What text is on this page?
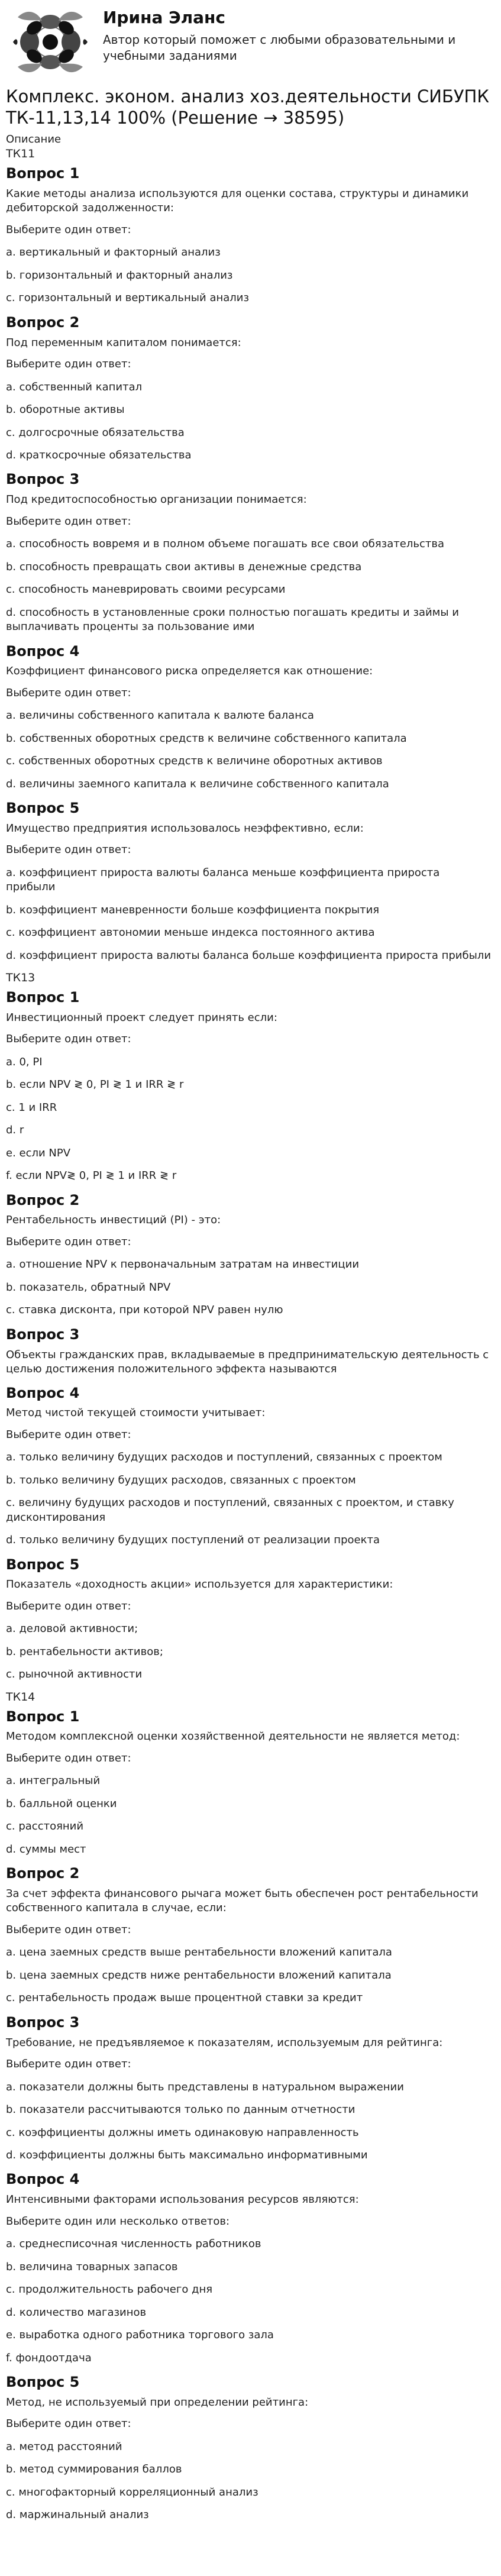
Ирина Эланс
Автор который поможет с любыми образовательными и учебными заданиями
Комплекс. эконом. анализ хоз.деятельности СИБУПК ТК-11,13,14 100% (Решение → 38595)
Описание
ТК11
Вопрос 1
Какие методы анализа используются для оценки состава, структуры и динамики дебиторской задолженности:
Выберите один ответ:
a. вертикальный и факторный анализ
b. горизонтальный и факторный анализ
c. горизонтальный и вертикальный анализ
Вопрос 2
Под переменным капиталом понимается:
Выберите один ответ:
a. собственный капитал
b. оборотные активы
c. долгосрочные обязательства
d. краткосрочные обязательства
Вопрос 3
Под кредитоспособностью организации понимается:
Выберите один ответ:
a. способность вовремя и в полном объеме погашать все свои обязательства
b. способность превращать свои активы в денежные средства
c. способность маневрировать своими ресурсами
d. способность в установленные сроки полностью погашать кредиты и займы и выплачивать проценты за пользование ими
Вопрос 4
Коэффициент финансового риска определяется как отношение:
Выберите один ответ:
a. величины собственного капитала к валюте баланса
b. собственных оборотных средств к величине собственного капитала
c. собственных оборотных средств к величине оборотных активов
d. величины заемного капитала к величине собственного капитала
Вопрос 5
Имущество предприятия использовалось неэффективно, если:
Выберите один ответ:
a. коэффициент прироста валюты баланса меньше коэффициента прироста прибыли
b. коэффициент маневренности больше коэффициента покрытия
c. коэффициент автономии меньше индекса постоянного актива
d. коэффициент прироста валюты баланса больше коэффициента прироста прибыли
ТК13
Вопрос 1
Инвестиционный проект следует принять если:
Выберите один ответ:
a. 0, PI
b. если NPV ≷ 0, PI ≷ 1 и IRR ≷ r
c. 1 и IRR
d. r
e. если NPV
f. если NPV≷ 0, PI ≷ 1 и IRR ≷ r
Вопрос 2
Рентабельность инвестиций (PI) - это:
Выберите один ответ:
a. отношение NPV к первоначальным затратам на инвестиции
b. показатель, обратный NPV
c. ставка дисконта, при которой NPV равен нулю
Вопрос 3
Объекты гражданских прав, вкладываемые в предпринимательскую деятельность с целью достижения положительного эффекта называются
Вопрос 4
Метод чистой текущей стоимости учитывает:
Выберите один ответ:
a. только величину будущих расходов и поступлений, связанных с проектом
b. только величину будущих расходов, связанных с проектом
c. величину будущих расходов и поступлений, связанных с проектом, и ставку дисконтирования
d. только величину будущих поступлений от реализации проекта
Вопрос 5
Показатель «доходность акции» используется для характеристики:
Выберите один ответ:
a. деловой активности;
b. рентабельности активов;
c. рыночной активности
ТК14
Вопрос 1
Методом комплексной оценки хозяйственной деятельности не является метод:
Выберите один ответ:
a. интегральный
b. балльной оценки
c. расстояний
d. суммы мест
Вопрос 2
За счет эффекта финансового рычага может быть обеспечен рост рентабельности собственного капитала в случае, если:
Выберите один ответ:
a. цена заемных средств выше рентабельности вложений капитала
b. цена заемных средств ниже рентабельности вложений капитала
c. рентабельность продаж выше процентной ставки за кредит
Вопрос 3
Требование, не предъявляемое к показателям, используемым для рейтинга:
Выберите один ответ:
a. показатели должны быть представлены в натуральном выражении
b. показатели рассчитываются только по данным отчетности
c. коэффициенты должны иметь одинаковую направленность
d. коэффициенты должны быть максимально информативными
Вопрос 4
Интенсивными факторами использования ресурсов являются:
Выберите один или несколько ответов:
a. среднесписочная численность работников
b. величина товарных запасов
c. продолжительность рабочего дня
d. количество магазинов
e. выработка одного работника торгового зала
f. фондоотдача
Вопрос 5
Метод, не используемый при определении рейтинга:
Выберите один ответ:
a. метод расстояний
b. метод суммирования баллов
c. многофакторный корреляционный анализ
d. маржинальный анализ
